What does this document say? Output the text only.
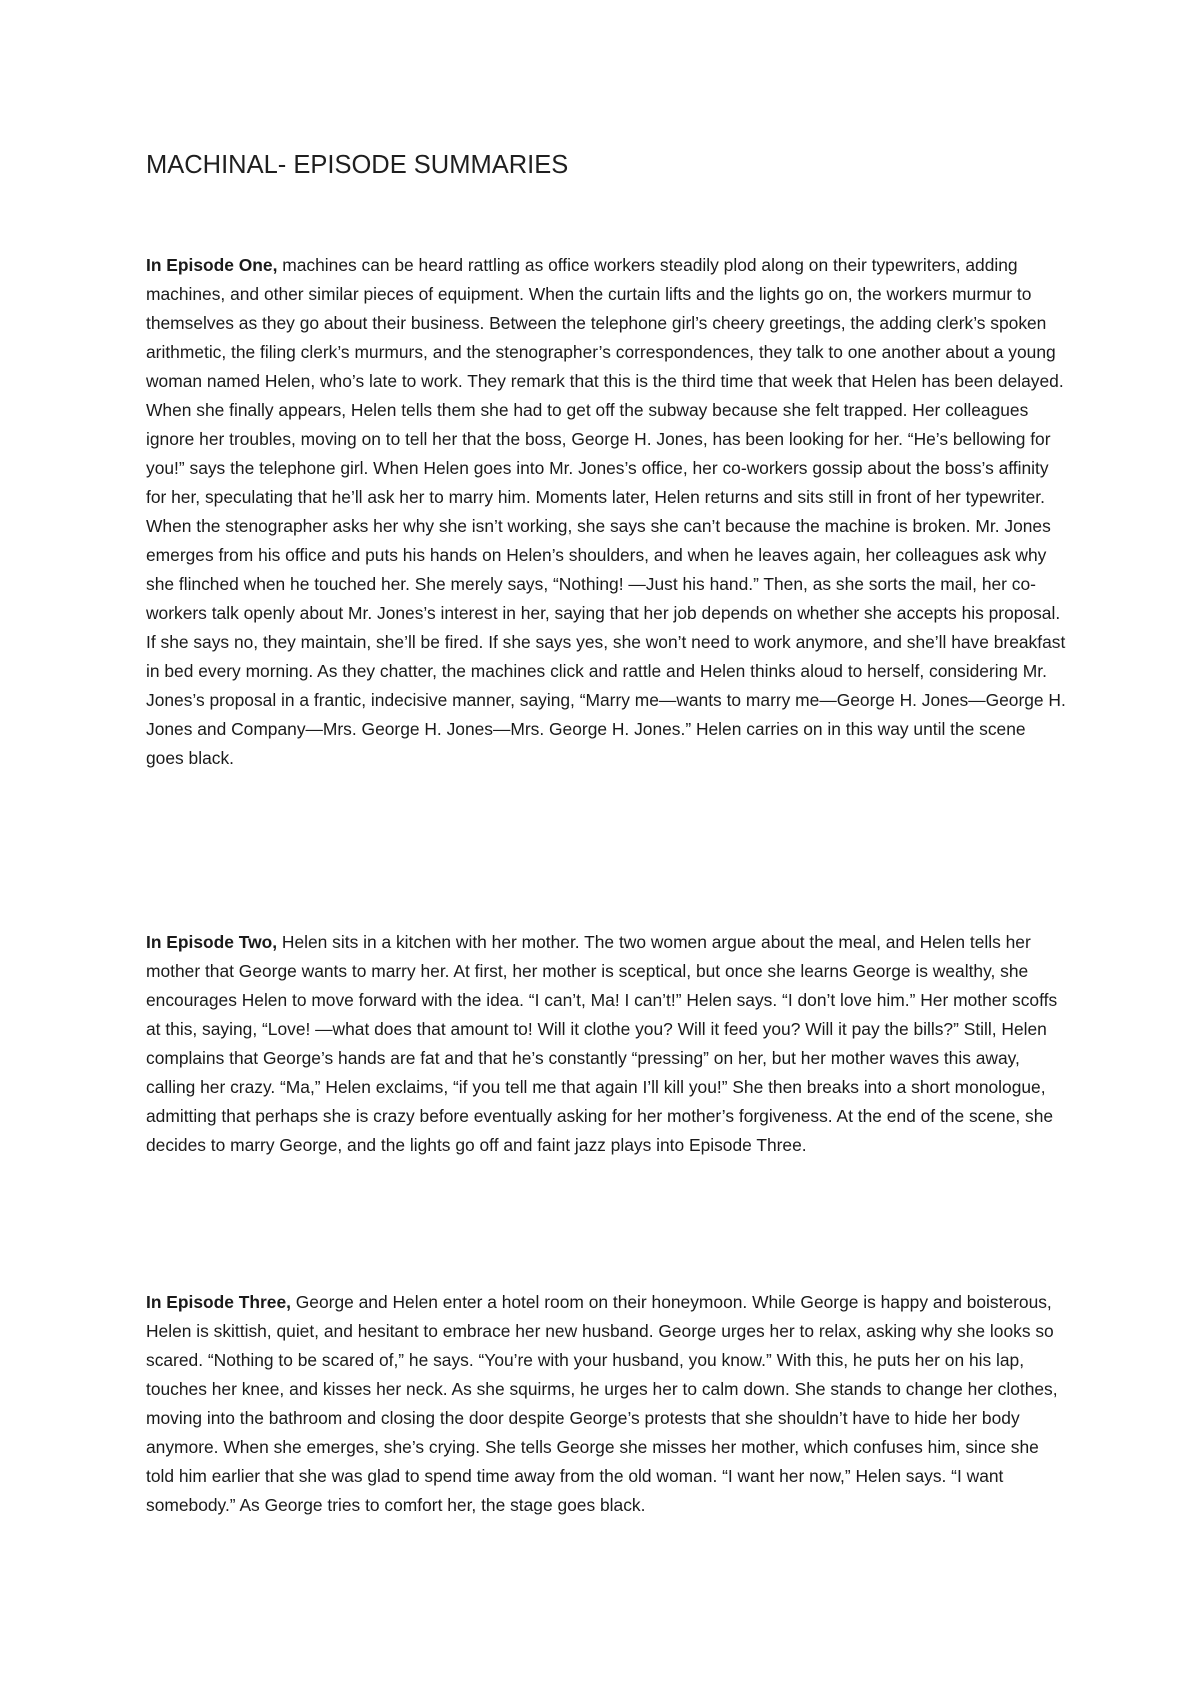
MACHINAL- EPISODE SUMMARIES

In Episode One, machines can be heard rattling as office workers steadily plod along on their typewriters, adding machines, and other similar pieces of equipment. When the curtain lifts and the lights go on, the workers murmur to themselves as they go about their business. Between the telephone girl’s cheery greetings, the adding clerk’s spoken arithmetic, the filing clerk’s murmurs, and the stenographer’s correspondences, they talk to one another about a young woman named Helen, who’s late to work. They remark that this is the third time that week that Helen has been delayed. When she finally appears, Helen tells them she had to get off the subway because she felt trapped. Her colleagues ignore her troubles, moving on to tell her that the boss, George H. Jones, has been looking for her. “He’s bellowing for you!” says the telephone girl. When Helen goes into Mr. Jones’s office, her co-workers gossip about the boss’s affinity for her, speculating that he’ll ask her to marry him. Moments later, Helen returns and sits still in front of her typewriter. When the stenographer asks her why she isn’t working, she says she can’t because the machine is broken. Mr. Jones emerges from his office and puts his hands on Helen’s shoulders, and when he leaves again, her colleagues ask why she flinched when he touched her. She merely says, “Nothing! —Just his hand.” Then, as she sorts the mail, her co-workers talk openly about Mr. Jones’s interest in her, saying that her job depends on whether she accepts his proposal. If she says no, they maintain, she’ll be fired. If she says yes, she won’t need to work anymore, and she’ll have breakfast in bed every morning. As they chatter, the machines click and rattle and Helen thinks aloud to herself, considering Mr. Jones’s proposal in a frantic, indecisive manner, saying, “Marry me—wants to marry me—George H. Jones—George H. Jones and Company—Mrs. George H. Jones—Mrs. George H. Jones.” Helen carries on in this way until the scene goes black.

In Episode Two, Helen sits in a kitchen with her mother. The two women argue about the meal, and Helen tells her mother that George wants to marry her. At first, her mother is sceptical, but once she learns George is wealthy, she encourages Helen to move forward with the idea. “I can’t, Ma! I can’t!” Helen says. “I don’t love him.” Her mother scoffs at this, saying, “Love! —what does that amount to! Will it clothe you? Will it feed you? Will it pay the bills?” Still, Helen complains that George’s hands are fat and that he’s constantly “pressing” on her, but her mother waves this away, calling her crazy. “Ma,” Helen exclaims, “if you tell me that again I’ll kill you!” She then breaks into a short monologue, admitting that perhaps she is crazy before eventually asking for her mother’s forgiveness. At the end of the scene, she decides to marry George, and the lights go off and faint jazz plays into Episode Three.

In Episode Three, George and Helen enter a hotel room on their honeymoon. While George is happy and boisterous, Helen is skittish, quiet, and hesitant to embrace her new husband. George urges her to relax, asking why she looks so scared. “Nothing to be scared of,” he says. “You’re with your husband, you know.” With this, he puts her on his lap, touches her knee, and kisses her neck. As she squirms, he urges her to calm down. She stands to change her clothes, moving into the bathroom and closing the door despite George’s protests that she shouldn’t have to hide her body anymore. When she emerges, she’s crying. She tells George she misses her mother, which confuses him, since she told him earlier that she was glad to spend time away from the old woman. “I want her now,” Helen says. “I want somebody.” As George tries to comfort her, the stage goes black.
